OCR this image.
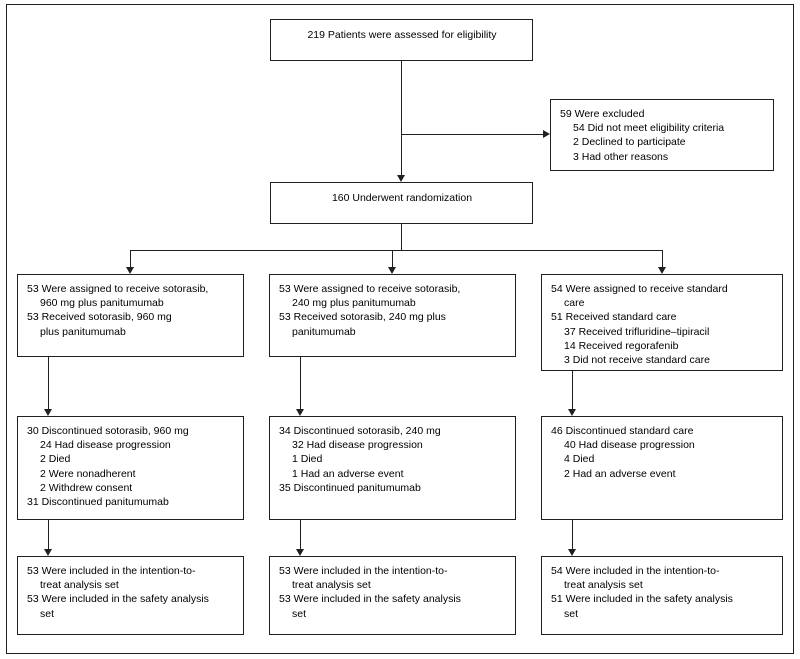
219 Patients were assessed for eligibility
59 Were excluded
54 Did not meet eligibility criteria
2 Declined to participate
3 Had other reasons
160 Underwent randomization
53 Were assigned to receive sotorasib,
960 mg plus panitumumab
53 Received sotorasib, 960 mg
plus panitumumab
53 Were assigned to receive sotorasib,
240 mg plus panitumumab
53 Received sotorasib, 240 mg plus
panitumumab
54 Were assigned to receive standard
care
51 Received standard care
37 Received trifluridine–tipiracil
14 Received regorafenib
3 Did not receive standard care
30 Discontinued sotorasib, 960 mg
24 Had disease progression
2 Died
2 Were nonadherent
2 Withdrew consent
31 Discontinued panitumumab
34 Discontinued sotorasib, 240 mg
32 Had disease progression
1 Died
1 Had an adverse event
35 Discontinued panitumumab
46 Discontinued standard care
40 Had disease progression
4 Died
2 Had an adverse event
53 Were included in the intention-to-
treat analysis set
53 Were included in the safety analysis
set
53 Were included in the intention-to-
treat analysis set
53 Were included in the safety analysis
set
54 Were included in the intention-to-
treat analysis set
51 Were included in the safety analysis
set
